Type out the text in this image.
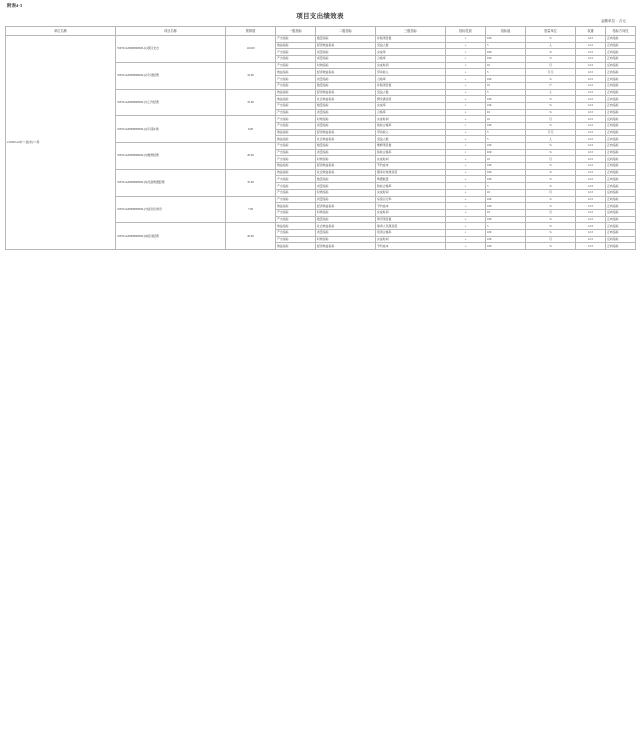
附表4-3
项目支出绩效表
金额单位：万元
单位名称	项目名称	预算数	一级指标	二级指标	三级指标	指标性质	指标值	度量单位	权重	指标方向性
211000-xx市××县(市)××局	350721220000000000-(1)项目支出	116.00	产出指标	数量指标	补贴项目数	≥	100	%	12.5	正向指标
			效益指标	经济效益指标	受益人数	≥	5	人	12.5	正向指标
			产出指标	质量指标	完成率	=	100	%	12.5	正向指标
			产出指标	质量指标	合格率	=	100	%	12.5	正向指标
	350721220000000000-(2)专项经费	10.00	产出指标	时效指标	完成时间	≤	10	月	12.5	反向指标
			效益指标	经济效益指标	带动收入	≥	5	万元	12.5	正向指标
			产出指标	质量指标	合格率	=	100	%	12.5	正向指标
			产出指标	数量指标	补贴项目数	≥	10	户	12.5	正向指标
	350721220000000000-(3)工作经费	10.00	效益指标	经济效益指标	受益人数	≥	5	人	12.5	正向指标
			效益指标	社会效益指标	群众满意度	≥	100	%	12.5	正向指标
			产出指标	数量指标	完成率	=	100	%	12.5	正向指标
			产出指标	质量指标	合格率	≥	10	%	12.5	正向指标
	350721220000000000-(4)专项补助	6.00	产出指标	时效指标	完成时间	≤	10	月	12.5	反向指标
			产出指标	质量指标	验收合格率	=	100	%	12.5	正向指标
			效益指标	经济效益指标	带动收入	≥	5	万元	12.5	正向指标
			效益指标	社会效益指标	受益人数	≥	5	人	12.5	正向指标
	350721220000000000-(5)维修经费	20.00	产出指标	数量指标	维修项目数	≥	100	%	12.5	正向指标
			产出指标	质量指标	验收合格率	=	100	%	12.5	正向指标
			产出指标	时效指标	完成时间	≤	10	月	12.5	反向指标
			效益指标	经济效益指标	节约成本	≥	100	%	12.5	正向指标
	350721220000000000-(6)设备购置经费	35.00	效益指标	社会效益指标	服务对象满意度	≥	100	%	12.5	正向指标
			产出指标	数量指标	购置数量	≥	100	%	12.5	正向指标
			产出指标	质量指标	验收合格率	=	5	%	12.5	正向指标
			产出指标	时效指标	完成时间	≤	10	月	12.5	反向指标
	350721220000000000-(7)信息化建设	7.00	产出指标	质量指标	系统运行率	≥	100	%	12.5	正向指标
			效益指标	经济效益指标	节约成本	≥	100	%	12.5	正向指标
			产出指标	时效指标	完成时间	≤	10	月	12.5	反向指标
			产出指标	数量指标	建设项目数	≥	100	%	12.5	正向指标
	350721220000000000-(8)培训经费	20.00	效益指标	社会效益指标	参训人员满意度	≥	5	%	12.5	正向指标
			产出指标	质量指标	培训合格率	=	100	%	12.5	正向指标
			产出指标	时效指标	完成时间	≤	100	月	12.5	反向指标
			效益指标	经济效益指标	节约成本	≥	100	%	12.5	正向指标
